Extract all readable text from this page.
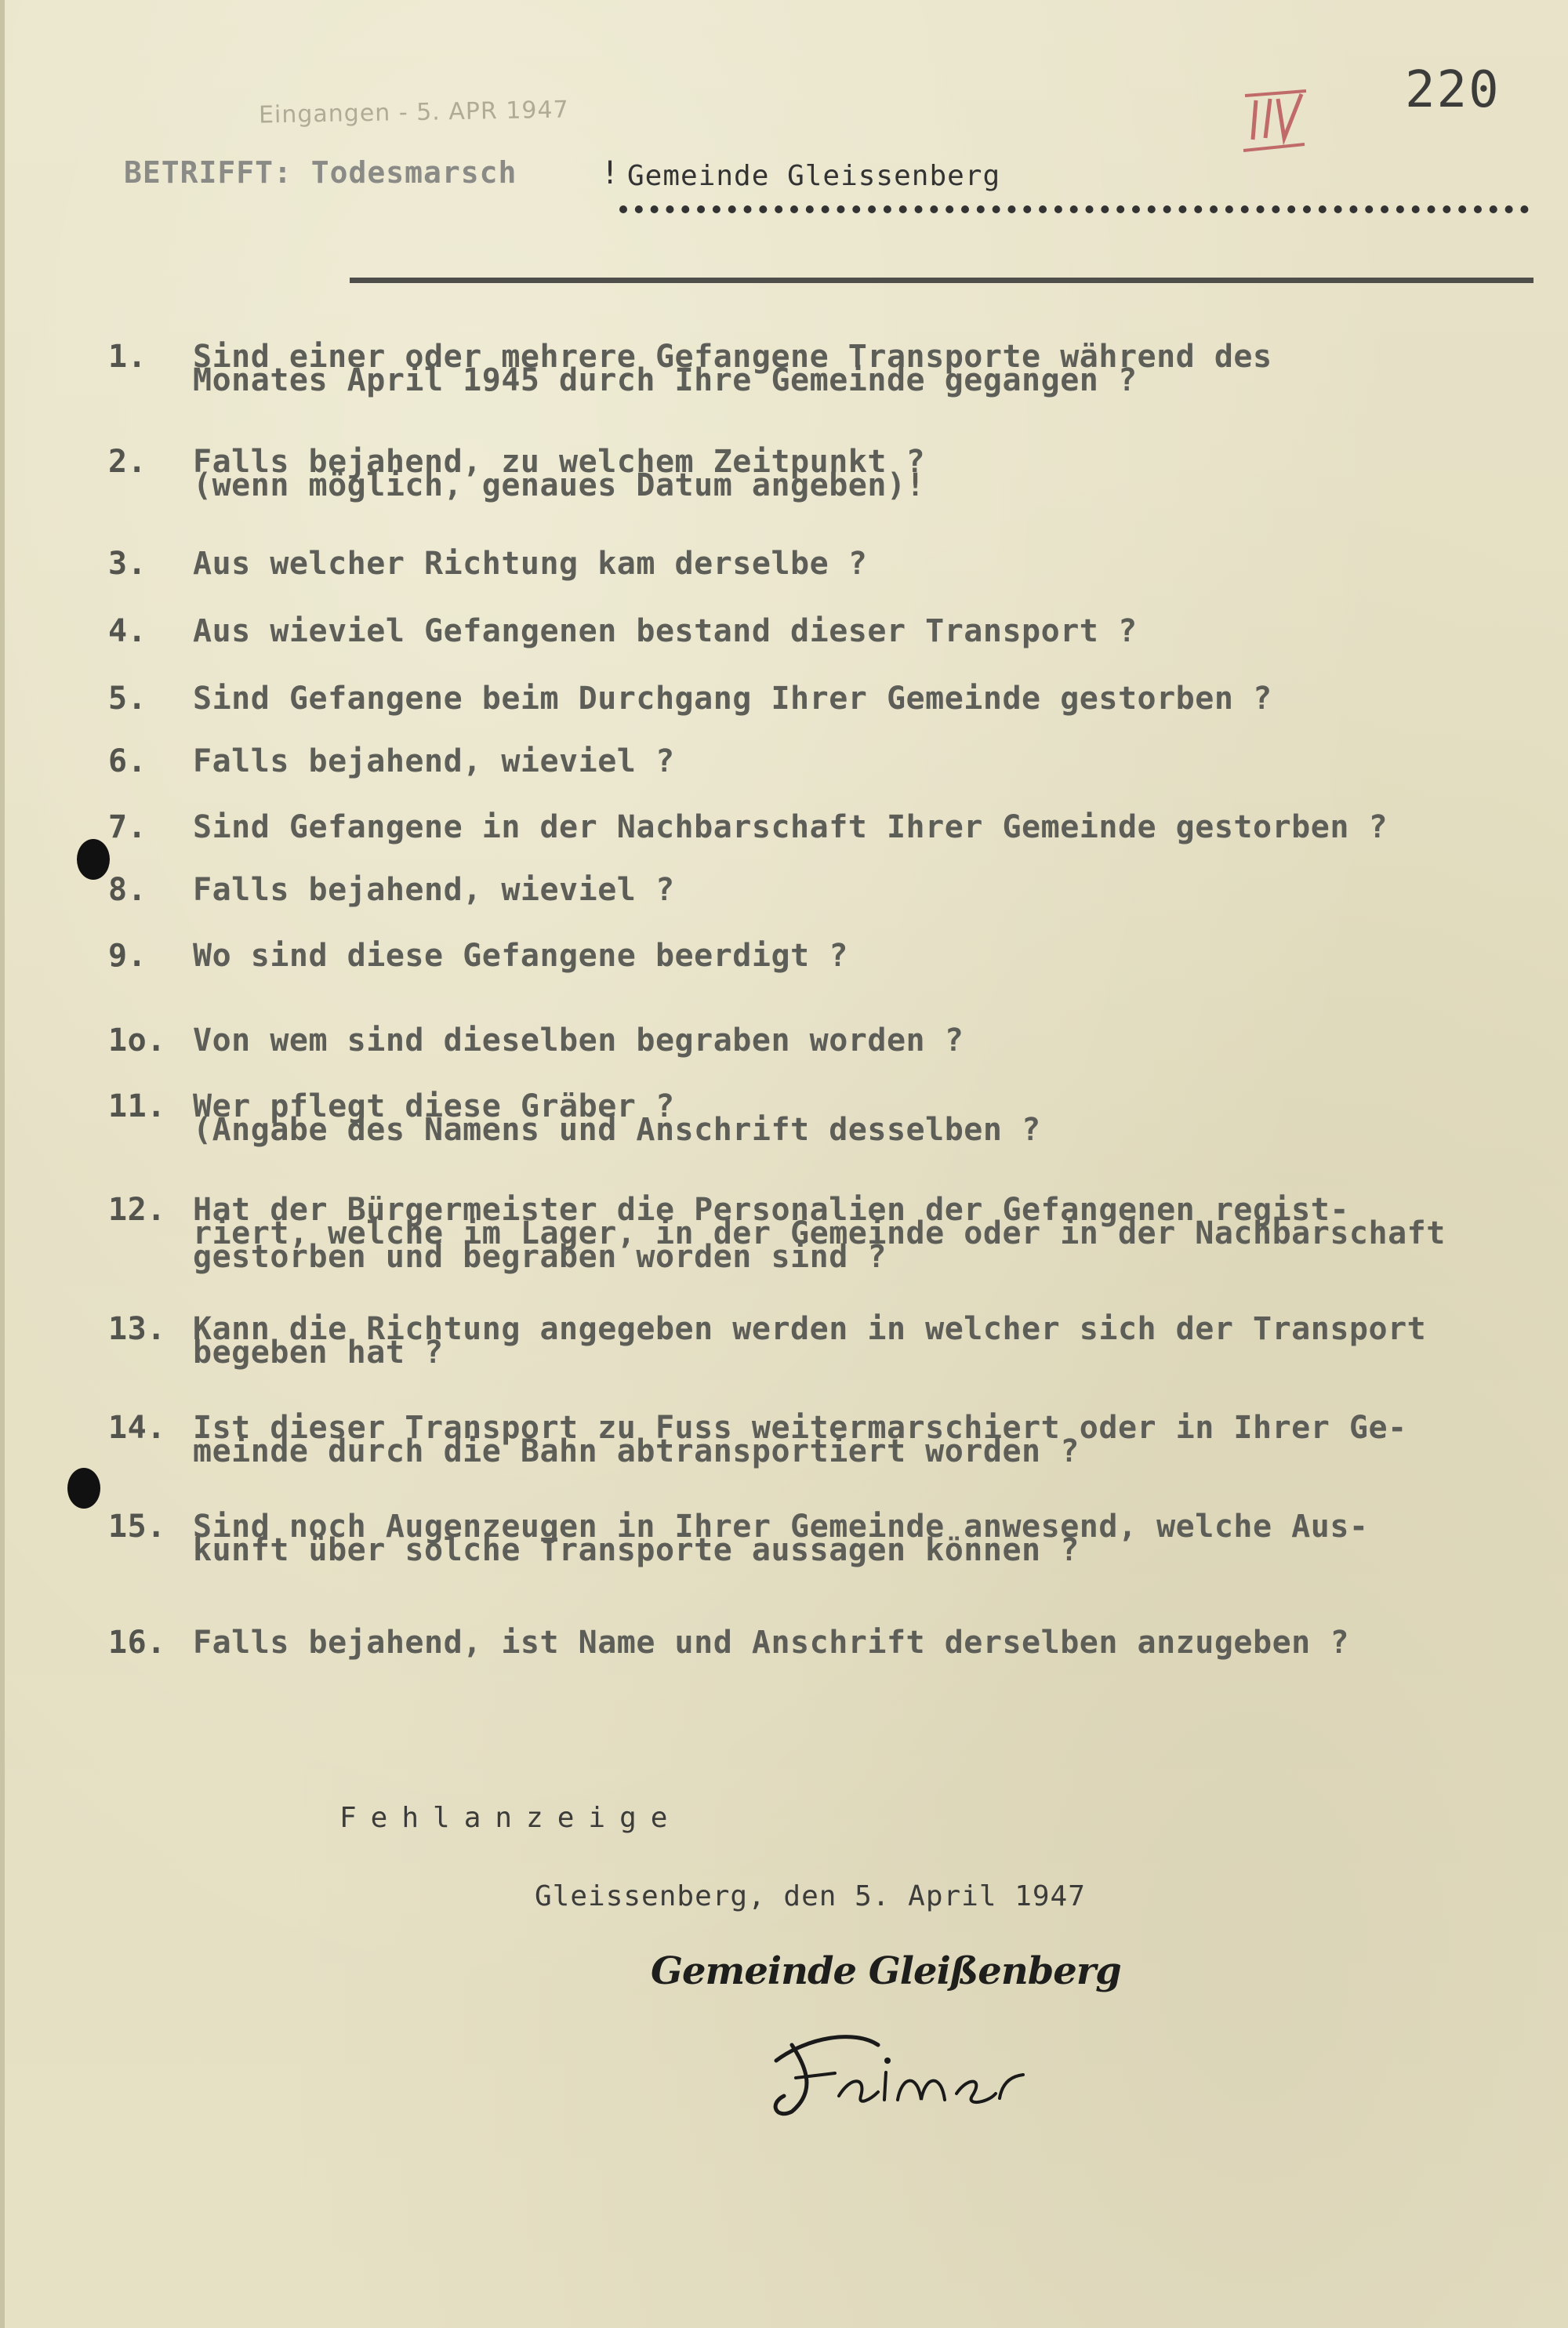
220
Eingangen - 5. APR 1947
BETRIFFT: Todesmarsch	! Gemeinde Gleissenberg
1. Sind einer oder mehrere Gefangene Transporte während des
Monates April 1945 durch Ihre Gemeinde gegangen ?
2. Falls bejahend, zu welchem Zeitpunkt ?
(wenn möglich, genaues Datum angeben)!
3. Aus welcher Richtung kam derselbe ?
4. Aus wieviel Gefangenen bestand dieser Transport ?
5. Sind Gefangene beim Durchgang Ihrer Gemeinde gestorben ?
6. Falls bejahend, wieviel ?
7. Sind Gefangene in der Nachbarschaft Ihrer Gemeinde gestorben ?
8. Falls bejahend, wieviel ?
9. Wo sind diese Gefangene beerdigt ?
1o. Von wem sind dieselben begraben worden ?
11. Wer pflegt diese Gräber ?
(Angabe des Namens und Anschrift desselben ?
12. Hat der Bürgermeister die Personalien der Gefangenen regist-
riert, welche im Lager, in der Gemeinde oder in der Nachbarschaft
gestorben und begraben worden sind ?
13. Kann die Richtung angegeben werden in welcher sich der Transport
begeben hat ?
14. Ist dieser Transport zu Fuss weitermarschiert oder in Ihrer Ge-
meinde durch die Bahn abtransportiert worden ?
15. Sind noch Augenzeugen in Ihrer Gemeinde anwesend, welche Aus-
kunft über solche Transporte aussagen können ?
16. Falls bejahend, ist Name und Anschrift derselben anzugeben ?
Fehlanzeige
Gleissenberg, den 5. April 1947
Gemeinde Gleißenberg
